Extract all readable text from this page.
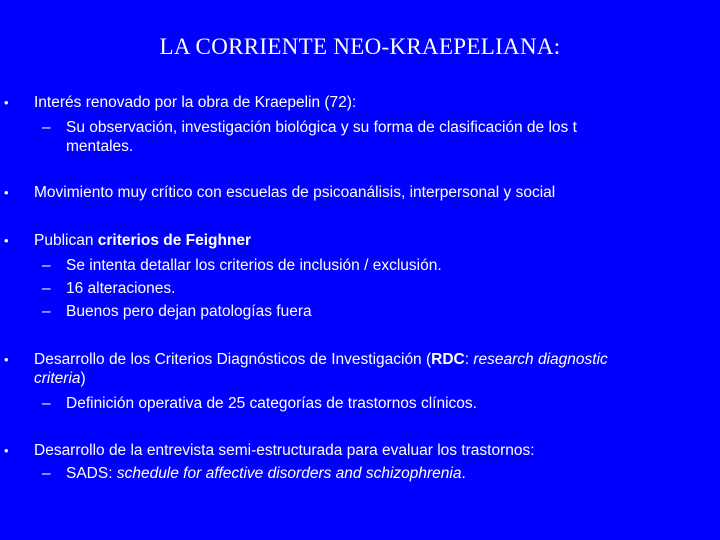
LA CORRIENTE NEO-KRAEPELIANA:
•	Interés renovado por la obra de Kraepelin (72):
– Su observación, investigación biológica y su forma de clasificación de los t
mentales.
•	Movimiento muy crítico con escuelas de psicoanálisis, interpersonal y social
•	Publican criterios de Feighner
– Se intenta detallar los criterios de inclusión / exclusión.
– 16 alteraciones.
– Buenos pero dejan patologías fuera
•	Desarrollo de los Criterios Diagnósticos de Investigación (RDC: research diagnostic
criteria)
– Definición operativa de 25 categorías de trastornos clínicos.
•	Desarrollo de la entrevista semi-estructurada para evaluar los trastornos:
– SADS: schedule for affective disorders and schizophrenia.
